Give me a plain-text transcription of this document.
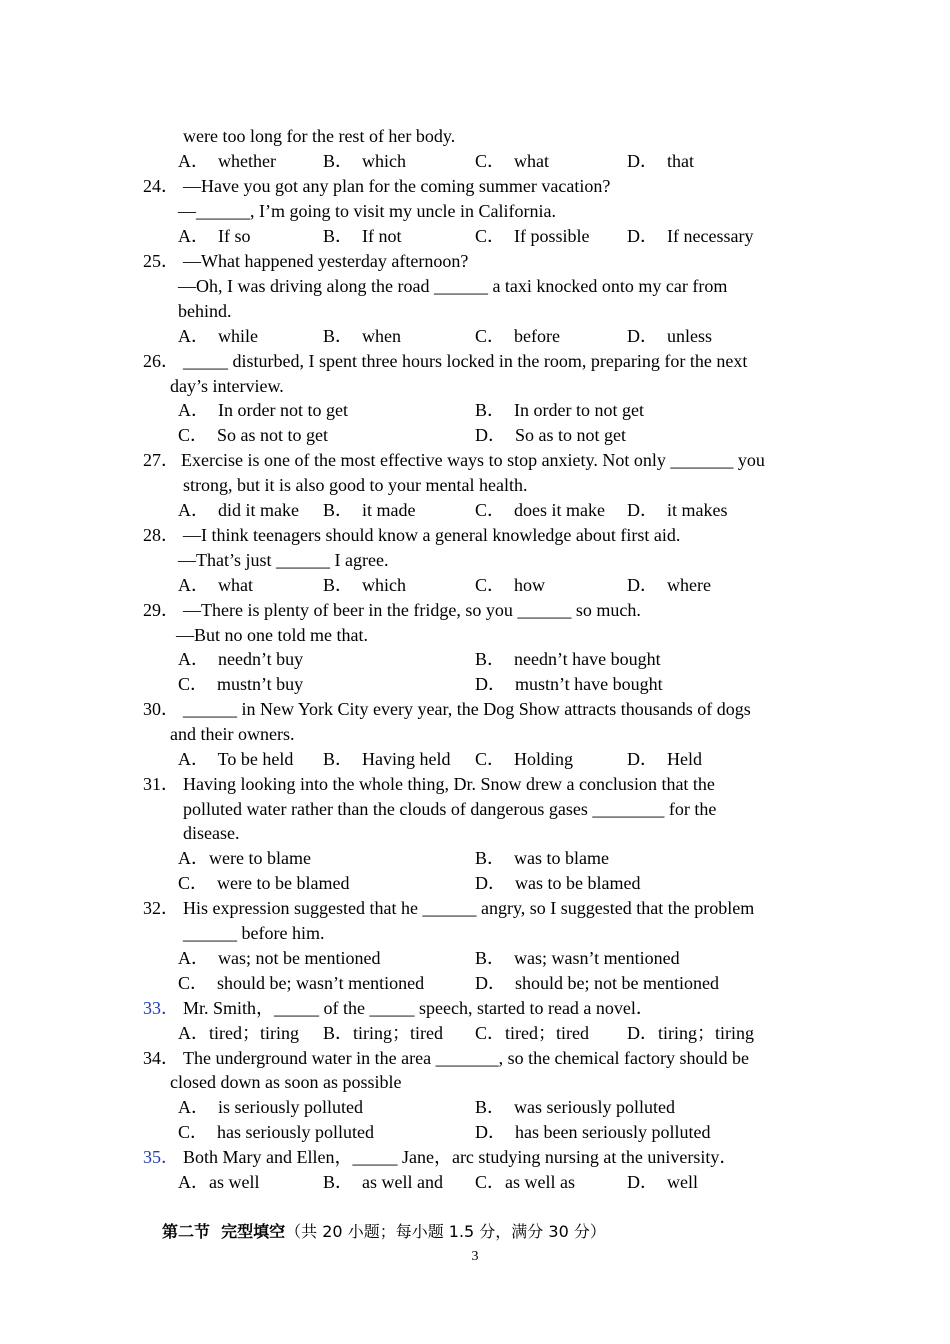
were too long for the rest of her body.
A．  whether	B．  which	C．  what	D．  that
24． —Have you got any plan for the coming summer vacation?
—______, I’m going to visit my uncle in California.
A．  If so	B．  If not	C．  If possible D．  If necessary
25． —What happened yesterday afternoon?
—Oh, I was driving along the road ______ a taxi knocked onto my car from
behind.
A．  while	B．  when	C．  before	D．  unless
26． _____ disturbed, I spent three hours locked in the room, preparing for the next
day’s interview.
A．  In order not to get	B．  In order to not get
C．  So as not to get	D．  So as to not get
27． Exercise is one of the most effective ways to stop anxiety. Not only _______ you
strong, but it is also good to your mental health.
A．  did it make B．  it made	C．  does it make D．  it makes
28． —I think teenagers should know a general knowledge about first aid.
—That’s just ______ I agree.
A．  what	B．  which	C．  how	D．  where
29． —There is plenty of beer in the fridge, so you ______ so much.
—But no one told me that.
A．  needn’t buy	B．  needn’t have bought
C．  mustn’t buy	D．  mustn’t have bought
30． ______ in New York City every year, the Dog Show attracts thousands of dogs
and their owners.
A．  To be held B．  Having held C．  Holding	D．  Held
31． Having looking into the whole thing, Dr. Snow drew a conclusion that the
polluted water rather than the clouds of dangerous gases ________ for the
disease.
A．were to blame	B．  was to blame
C．  were to be blamed	D．  was to be blamed
32． His expression suggested that he ______ angry, so I suggested that the problem
______ before him.
A．  was; not be mentioned	B．  was; wasn’t mentioned
C．  should be; wasn’t mentioned	D．  should be; not be mentioned
33． Mr. Smith，_____ of the _____ speech, started to read a novel．
A．tired；tiring B．tiring；tired C．tired；tired D．tiring；tiring
34． The underground water in the area _______, so the chemical factory should be
closed down as soon as possible
A．  is seriously polluted	B．  was seriously polluted
C．  has seriously polluted	D．  has been seriously polluted
35． Both Mary and Ellen，_____ Jane，arc studying nursing at the university．
A．as well	B．  as well and C．as well as	D．  well

第二节  完型填空（共 20 小题；每小题 1.5 分，满分 30 分）

3
